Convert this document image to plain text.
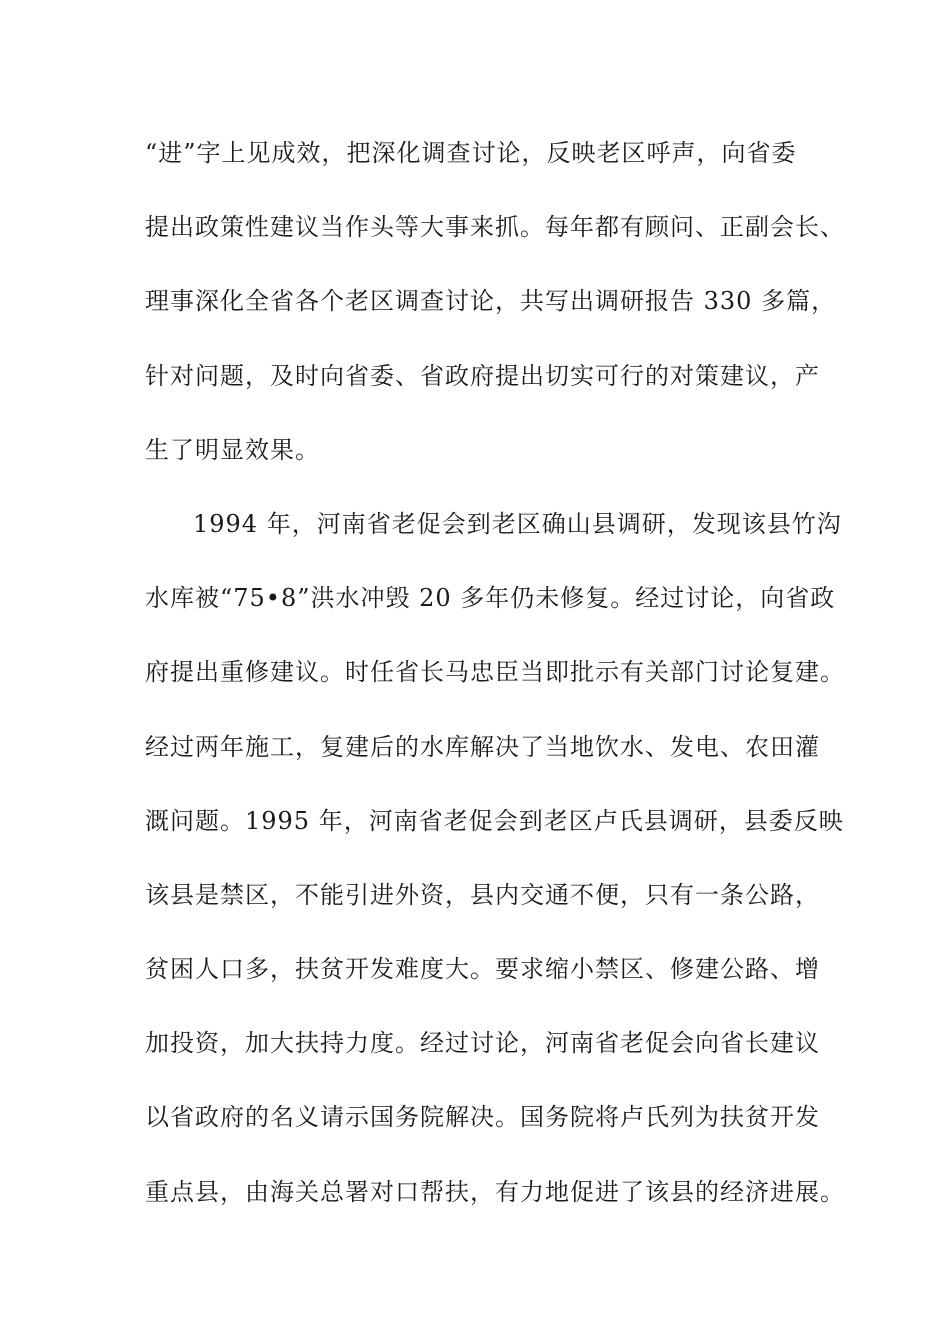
“进”字上见成效，把深化调查讨论，反映老区呼声，向省委
提出政策性建议当作头等大事来抓。每年都有顾问、正副会长、
理事深化全省各个老区调查讨论，共写出调研报告 330 多篇，
针对问题，及时向省委、省政府提出切实可行的对策建议，产
生了明显效果。
1994 年，河南省老促会到老区确山县调研，发现该县竹沟
水库被“75•8”洪水冲毁 20 多年仍未修复。经过讨论，向省政
府提出重修建议。时任省长马忠臣当即批示有关部门讨论复建。
经过两年施工，复建后的水库解决了当地饮水、发电、农田灌
溉问题。1995 年，河南省老促会到老区卢氏县调研，县委反映
该县是禁区，不能引进外资，县内交通不便，只有一条公路，
贫困人口多，扶贫开发难度大。要求缩小禁区、修建公路、增
加投资，加大扶持力度。经过讨论，河南省老促会向省长建议
以省政府的名义请示国务院解决。国务院将卢氏列为扶贫开发
重点县，由海关总署对口帮扶，有力地促进了该县的经济进展。
